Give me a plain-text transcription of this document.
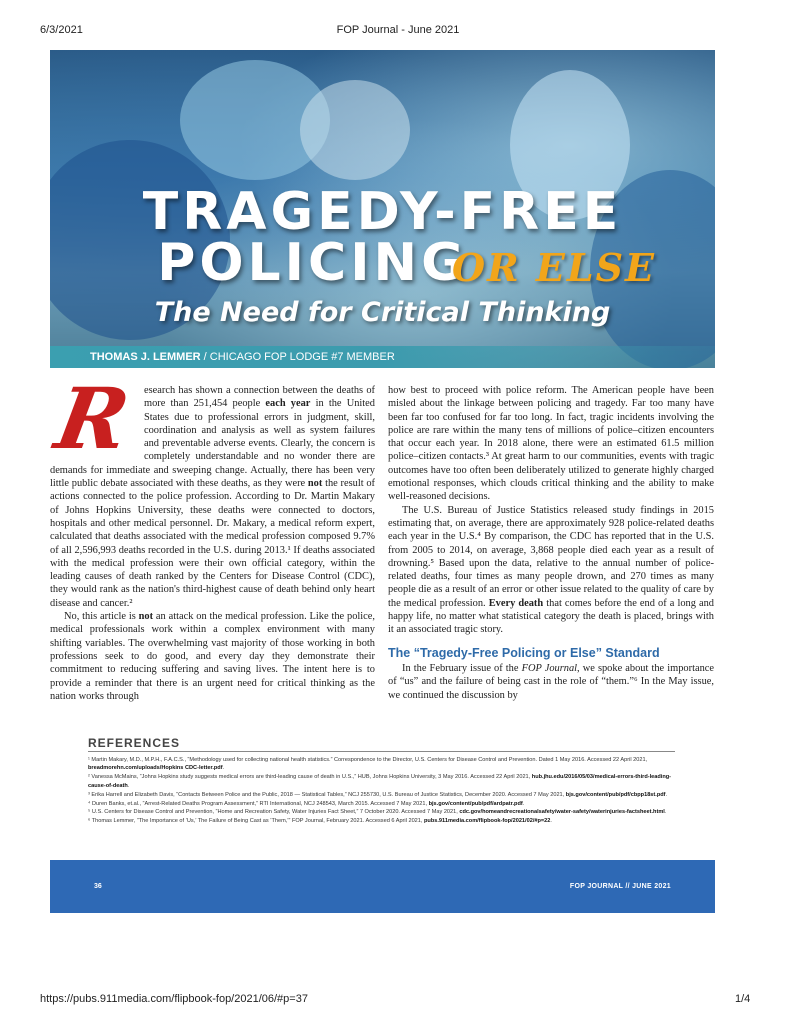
6/3/2021	FOP Journal - June 2021
TRAGEDY-FREE
POLICING
OR ELSE
The Need for Critical Thinking
THOMAS J. LEMMER / CHICAGO FOP LODGE #7 MEMBER
R esearch has shown a connection between the deaths of more than 251,454 people each year in the United States due to professional errors in judgment, skill, coordination and analysis as well as system failures and preventable adverse events. Clearly, the concern is completely understandable and no wonder there are demands for immediate and sweeping change. Actually, there has been very little public debate associated with these deaths, as they were not the result of actions connected to the police profession. According to Dr. Martin Makary of Johns Hopkins University, these deaths were connected to doctors, hospitals and other medical personnel. Dr. Makary, a medical reform expert, calculated that deaths associated with the medical profession composed 9.7% of all 2,596,993 deaths recorded in the U.S. during 2013.¹ If deaths associated with the medical profession were their own official category, within the leading causes of death ranked by the Centers for Disease Control (CDC), they would rank as the nation's third-highest cause of death behind only heart disease and cancer.²

No, this article is not an attack on the medical profession. Like the police, medical professionals work within a complex environment with many shifting variables. The overwhelming vast majority of those working in both professions seek to do good, and every day they demonstrate their commitment to reducing suffering and saving lives. The intent here is to provide a reminder that there is an urgent need for critical thinking as the nation works through

how best to proceed with police reform. The American people have been misled about the linkage between policing and tragedy. Far too many have been far too confused for far too long. In fact, tragic incidents involving the police are rare within the many tens of millions of police–citizen encounters that occur each year. In 2018 alone, there were an estimated 61.5 million police–citizen contacts.³ At great harm to our communities, events with tragic outcomes have too often been deliberately utilized to generate highly charged emotional responses, which clouds critical thinking and the ability to make well-reasoned decisions.

The U.S. Bureau of Justice Statistics released study findings in 2015 estimating that, on average, there are approximately 928 police-related deaths each year in the U.S.⁴ By comparison, the CDC has reported that in the U.S. from 2005 to 2014, on average, 3,868 people died each year as a result of drowning.⁵ Based upon the data, relative to the annual number of police-related deaths, four times as many people drown, and 270 times as many people die as a result of an error or other issue related to the quality of care by the medical profession. Every death that comes before the end of a long and happy life, no matter what statistical category the death is placed, brings with it an associated tragic story.

The “Tragedy-Free Policing or Else” Standard

In the February issue of the FOP Journal, we spoke about the importance of “us” and the failure of being cast in the role of “them.”⁶ In the May issue, we continued the discussion by

REFERENCES
¹ Martin Makary, M.D., M.P.H., F.A.C.S., “Methodology used for collecting national health statistics.” Correspondence to the Director, U.S. Centers for Disease Control and Prevention. Dated 1 May 2016. Accessed 22 April 2021, breadmorehn.com/uploads/Hopkins CDC-letter.pdf.
² Vanessa McMains, “Johns Hopkins study suggests medical errors are third-leading cause of death in U.S.,” HUB, Johns Hopkins University, 3 May 2016. Accessed 22 April 2021, hub.jhu.edu/2016/05/03/medical-errors-third-leading-cause-of-death.
³ Erika Harrell and Elizabeth Davis, “Contacts Between Police and the Public, 2018 — Statistical Tables,” NCJ 255730, U.S. Bureau of Justice Statistics, December 2020. Accessed 7 May 2021, bjs.gov/content/pub/pdf/cbpp18st.pdf.
⁴ Duren Banks, et.al., “Arrest-Related Deaths Program Assessment,” RTI International, NCJ 248543, March 2015. Accessed 7 May 2021, bjs.gov/content/pub/pdf/ardpatr.pdf.
⁵ U.S. Centers for Disease Control and Prevention, “Home and Recreation Safety, Water Injuries Fact Sheet,” 7 October 2020. Accessed 7 May 2021, cdc.gov/homeandrecreationalsafety/water-safety/waterinjuries-factsheet.html.
⁶ Thomas Lemmer, “The Importance of ‘Us,’ The Failure of Being Cast as ‘Them,’” FOP Journal, February 2021. Accessed 6 April 2021, pubs.911media.com/flipbook-fop/2021/02/#p=22.
36	FOP JOURNAL // JUNE 2021
https://pubs.911media.com/flipbook-fop/2021/06/#p=37	1/4
